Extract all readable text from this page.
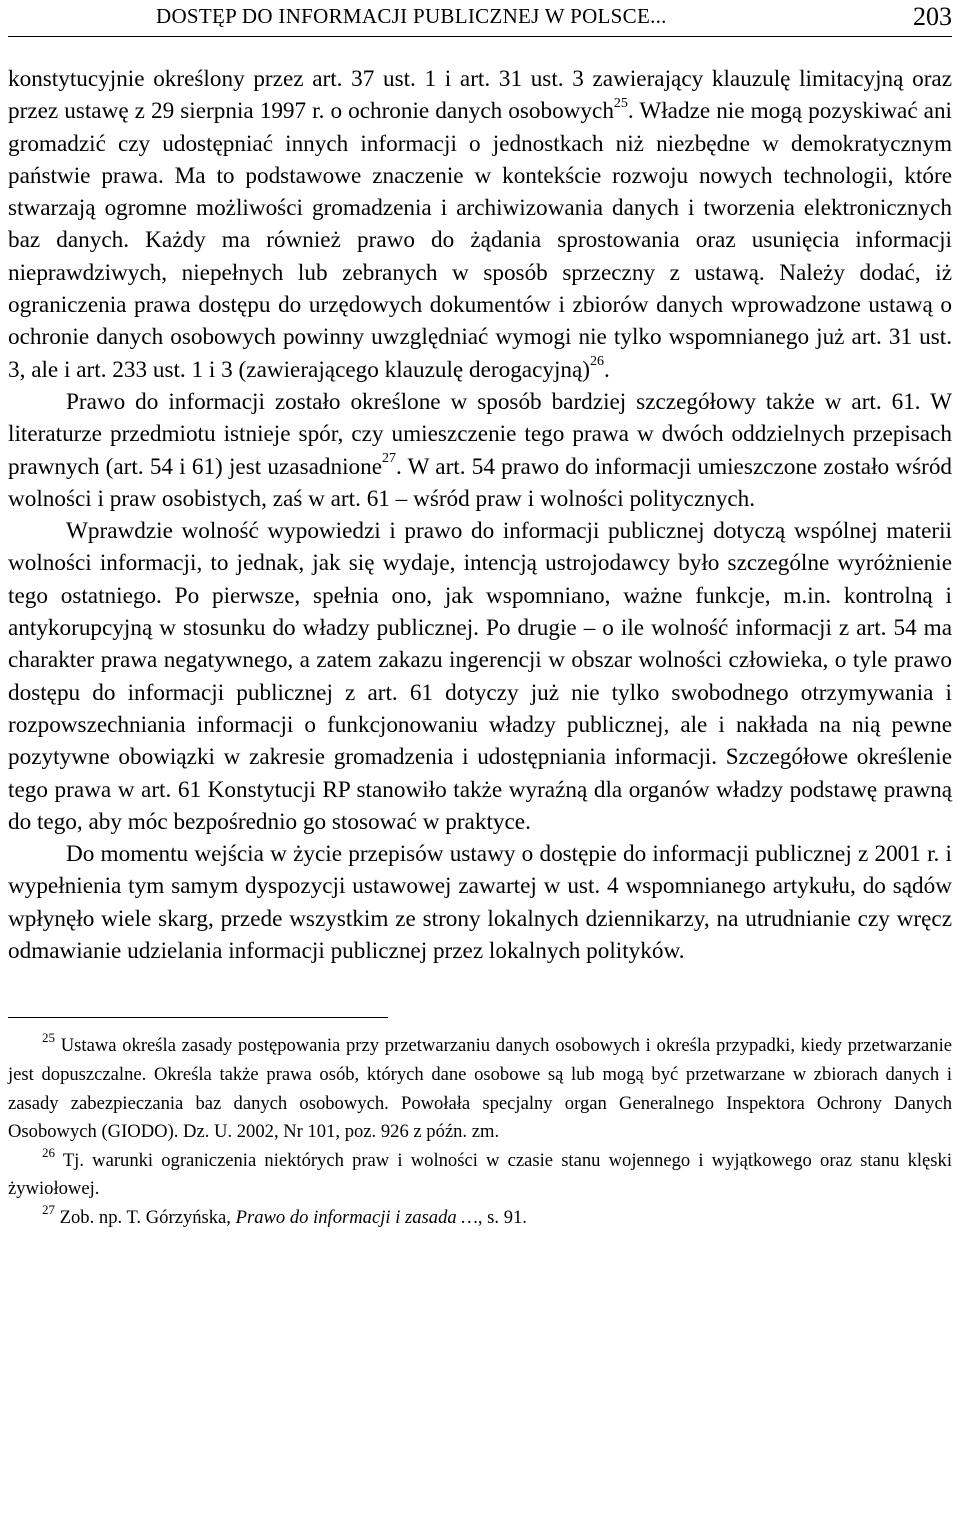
DOSTĘP DO INFORMACJI PUBLICZNEJ W POLSCE...	203

konstytucyjnie określony przez art. 37 ust. 1 i art. 31 ust. 3 zawierający klauzulę limitacyjną oraz przez ustawę z 29 sierpnia 1997 r. o ochronie danych osobowych$^{25}$. Władze nie mogą pozyskiwać ani gromadzić czy udostępniać innych informacji o jednostkach niż niezbędne w demokratycznym państwie prawa. Ma to podstawowe znaczenie w kontekście rozwoju nowych technologii, które stwarzają ogromne możliwości gromadzenia i archiwizowania danych i tworzenia elektronicznych baz danych. Każdy ma również prawo do żądania sprostowania oraz usunięcia informacji nieprawdziwych, niepełnych lub zebranych w sposób sprzeczny z ustawą. Należy dodać, iż ograniczenia prawa dostępu do urzędowych dokumentów i zbiorów danych wprowadzone ustawą o ochronie danych osobowych powinny uwzględniać wymogi nie tylko wspomnianego już art. 31 ust. 3, ale i art. 233 ust. 1 i 3 (zawierającego klauzulę derogacyjną)$^{26}$.

Prawo do informacji zostało określone w sposób bardziej szczegółowy także w art. 61. W literaturze przedmiotu istnieje spór, czy umieszczenie tego prawa w dwóch oddzielnych przepisach prawnych (art. 54 i 61) jest uzasadnione$^{27}$. W art. 54 prawo do informacji umieszczone zostało wśród wolności i praw osobistych, zaś w art. 61 – wśród praw i wolności politycznych.

Wprawdzie wolność wypowiedzi i prawo do informacji publicznej dotyczą wspólnej materii wolności informacji, to jednak, jak się wydaje, intencją ustrojodawcy było szczególne wyróżnienie tego ostatniego. Po pierwsze, spełnia ono, jak wspomniano, ważne funkcje, m.in. kontrolną i antykorupcyjną w stosunku do władzy publicznej. Po drugie – o ile wolność informacji z art. 54 ma charakter prawa negatywnego, a zatem zakazu ingerencji w obszar wolności człowieka, o tyle prawo dostępu do informacji publicznej z art. 61 dotyczy już nie tylko swobodnego otrzymywania i rozpowszechniania informacji o funkcjonowaniu władzy publicznej, ale i nakłada na nią pewne pozytywne obowiązki w zakresie gromadzenia i udostępniania informacji. Szczegółowe określenie tego prawa w art. 61 Konstytucji RP stanowiło także wyraźną dla organów władzy podstawę prawną do tego, aby móc bezpośrednio go stosować w praktyce.

Do momentu wejścia w życie przepisów ustawy o dostępie do informacji publicznej z 2001 r. i wypełnienia tym samym dyspozycji ustawowej zawartej w ust. 4 wspomnianego artykułu, do sądów wpłynęło wiele skarg, przede wszystkim ze strony lokalnych dziennikarzy, na utrudnianie czy wręcz odmawianie udzielania informacji publicznej przez lokalnych polityków.

$^{25}$ Ustawa określa zasady postępowania przy przetwarzaniu danych osobowych i określa przypadki, kiedy przetwarzanie jest dopuszczalne. Określa także prawa osób, których dane osobowe są lub mogą być przetwarzane w zbiorach danych i zasady zabezpieczania baz danych osobowych. Powołała specjalny organ Generalnego Inspektora Ochrony Danych Osobowych (GIODO). Dz. U. 2002, Nr 101, poz. 926 z późn. zm.

$^{26}$ Tj. warunki ograniczenia niektórych praw i wolności w czasie stanu wojennego i wyjątkowego oraz stanu klęski żywiołowej.

$^{27}$ Zob. np. T. Górzyńska, Prawo do informacji i zasada …, s. 91.
